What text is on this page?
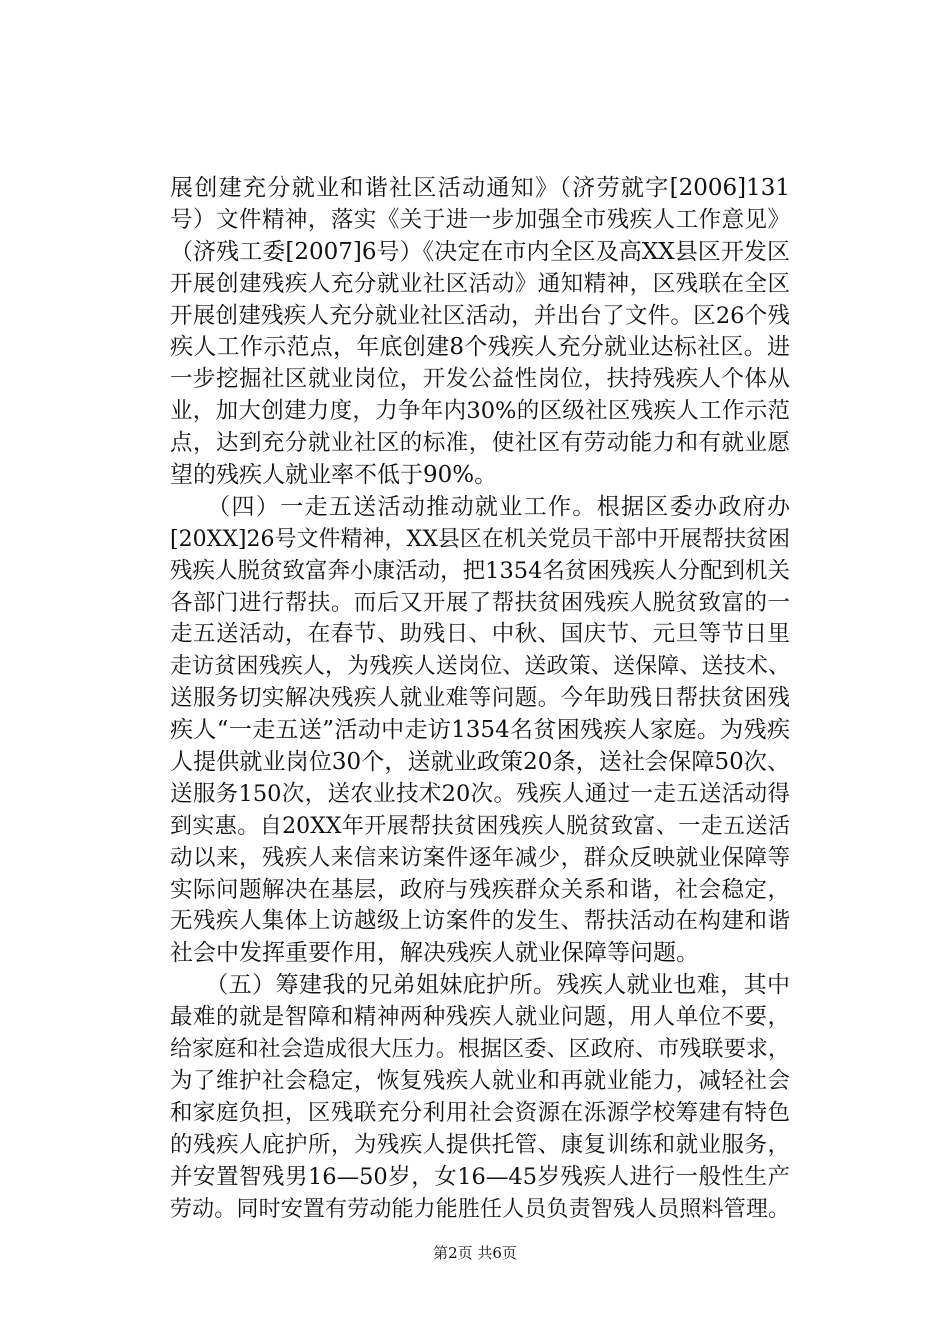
展创建充分就业和谐社区活动通知》（济劳就字[2006]131
号）文件精神，落实《关于进一步加强全市残疾人工作意见》
（济残工委[2007]6号）《决定在市内全区及高XX县区开发区
开展创建残疾人充分就业社区活动》通知精神，区残联在全区
开展创建残疾人充分就业社区活动，并出台了文件。区26个残
疾人工作示范点，年底创建8个残疾人充分就业达标社区。进
一步挖掘社区就业岗位，开发公益性岗位，扶持残疾人个体从
业，加大创建力度，力争年内30%的区级社区残疾人工作示范
点，达到充分就业社区的标准，使社区有劳动能力和有就业愿
望的残疾人就业率不低于90%。
　　（四）一走五送活动推动就业工作。根据区委办政府办
[20XX]26号文件精神，XX县区在机关党员干部中开展帮扶贫困
残疾人脱贫致富奔小康活动，把1354名贫困残疾人分配到机关
各部门进行帮扶。而后又开展了帮扶贫困残疾人脱贫致富的一
走五送活动，在春节、助残日、中秋、国庆节、元旦等节日里
走访贫困残疾人，为残疾人送岗位、送政策、送保障、送技术、
送服务切实解决残疾人就业难等问题。今年助残日帮扶贫困残
疾人“一走五送”活动中走访1354名贫困残疾人家庭。为残疾
人提供就业岗位30个，送就业政策20条，送社会保障50次、
送服务150次，送农业技术20次。残疾人通过一走五送活动得
到实惠。自20XX年开展帮扶贫困残疾人脱贫致富、一走五送活
动以来，残疾人来信来访案件逐年减少，群众反映就业保障等
实际问题解决在基层，政府与残疾群众关系和谐，社会稳定，
无残疾人集体上访越级上访案件的发生、帮扶活动在构建和谐
社会中发挥重要作用，解决残疾人就业保障等问题。
　　（五）筹建我的兄弟姐妹庇护所。残疾人就业也难，其中
最难的就是智障和精神两种残疾人就业问题，用人单位不要，
给家庭和社会造成很大压力。根据区委、区政府、市残联要求，
为了维护社会稳定，恢复残疾人就业和再就业能力，减轻社会
和家庭负担，区残联充分利用社会资源在泺源学校筹建有特色
的残疾人庇护所，为残疾人提供托管、康复训练和就业服务，
并安置智残男16—50岁，女16—45岁残疾人进行一般性生产
劳动。同时安置有劳动能力能胜任人员负责智残人员照料管理。
第2页 共6页
